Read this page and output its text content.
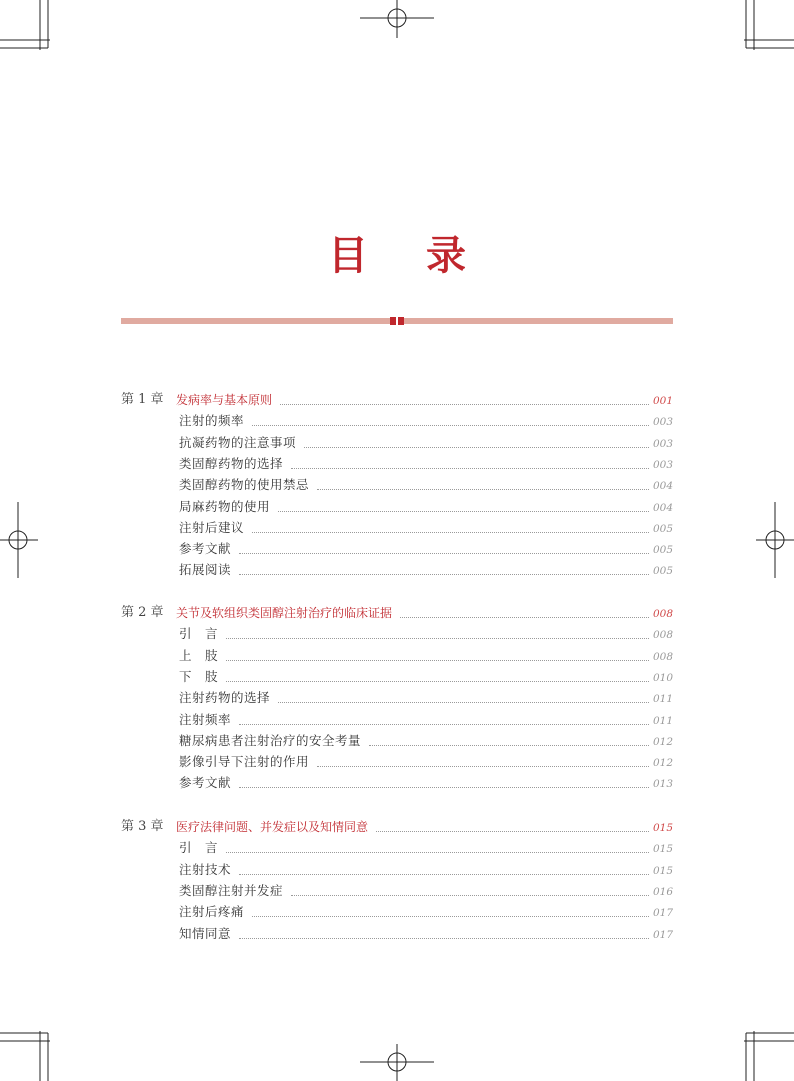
目 录
第 1 章 发病率与基本原则	001
注射的频率	003
抗凝药物的注意事项	003
类固醇药物的选择	003
类固醇药物的使用禁忌	004
局麻药物的使用	004
注射后建议	005
参考文献	005
拓展阅读	005
第 2 章 关节及软组织类固醇注射治疗的临床证据	008
引　言	008
上　肢	008
下　肢	010
注射药物的选择	011
注射频率	011
糖尿病患者注射治疗的安全考量	012
影像引导下注射的作用	012
参考文献	013
第 3 章 医疗法律问题、并发症以及知情同意	015
引　言	015
注射技术	015
类固醇注射并发症	016
注射后疼痛	017
知情同意	017
